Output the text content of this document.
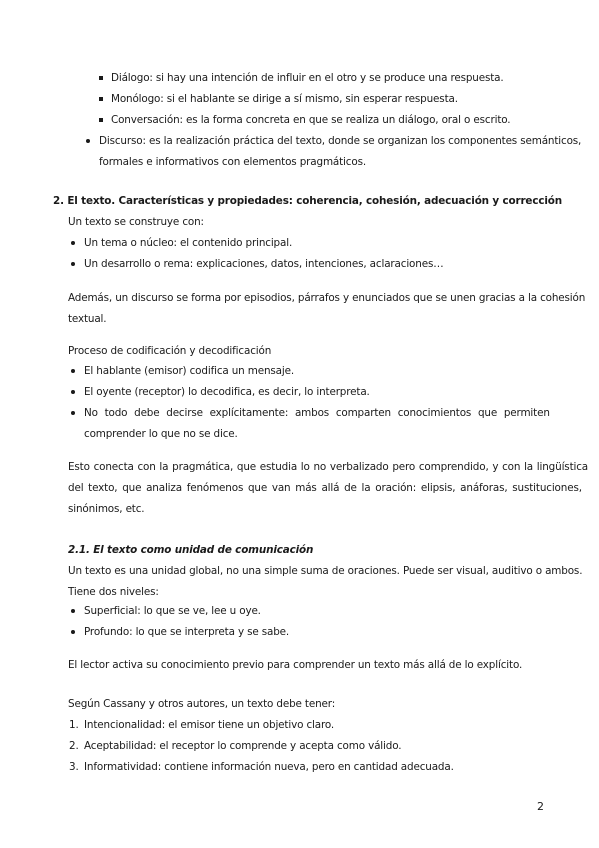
Diálogo: si hay una intención de influir en el otro y se produce una respuesta.
Monólogo: si el hablante se dirige a sí mismo, sin esperar respuesta.
Conversación: es la forma concreta en que se realiza un diálogo, oral o escrito.
Discurso: es la realización práctica del texto, donde se organizan los componentes semánticos,
formales e informativos con elementos pragmáticos.
2. El texto. Características y propiedades: coherencia, cohesión, adecuación y corrección
Un texto se construye con:
Un tema o núcleo: el contenido principal.
Un desarrollo o rema: explicaciones, datos, intenciones, aclaraciones…
Además, un discurso se forma por episodios, párrafos y enunciados que se unen gracias a la cohesión
textual.
Proceso de codificación y decodificación
El hablante (emisor) codifica un mensaje.
El oyente (receptor) lo decodifica, es decir, lo interpreta.
No todo debe decirse explícitamente: ambos comparten conocimientos que permiten
comprender lo que no se dice.
Esto conecta con la pragmática, que estudia lo no verbalizado pero comprendido, y con la lingüística
del texto, que analiza fenómenos que van más allá de la oración: elipsis, anáforas, sustituciones,
sinónimos, etc.
2.1. El texto como unidad de comunicación
Un texto es una unidad global, no una simple suma de oraciones. Puede ser visual, auditivo o ambos.
Tiene dos niveles:
Superficial: lo que se ve, lee u oye.
Profundo: lo que se interpreta y se sabe.
El lector activa su conocimiento previo para comprender un texto más allá de lo explícito.
Según Cassany y otros autores, un texto debe tener:
1. Intencionalidad: el emisor tiene un objetivo claro.
2. Aceptabilidad: el receptor lo comprende y acepta como válido.
3. Informatividad: contiene información nueva, pero en cantidad adecuada.
2
